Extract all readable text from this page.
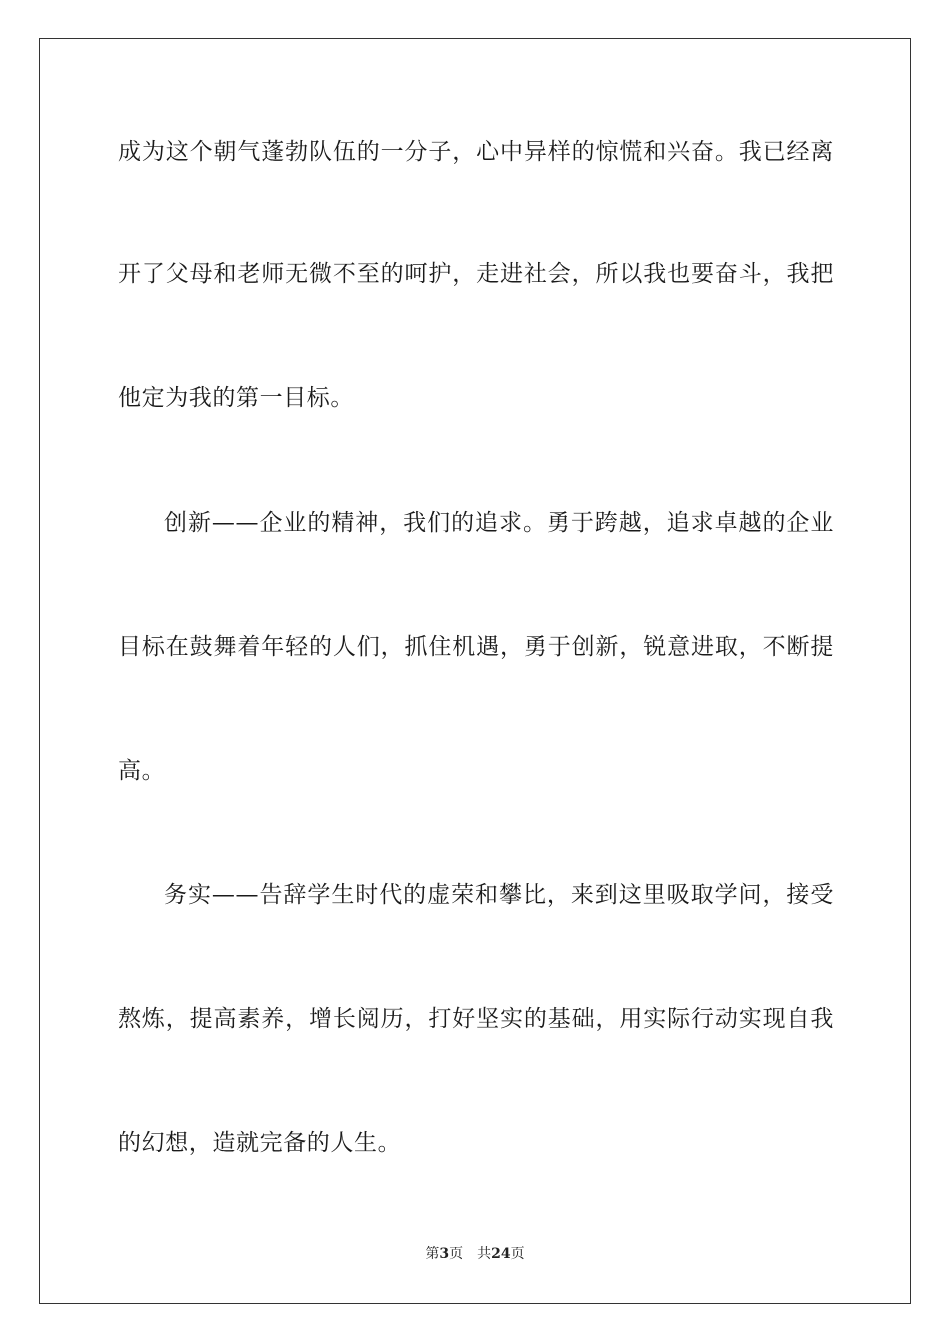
成为这个朝气蓬勃队伍的一分子，心中异样的惊慌和兴奋。我已经离
开了父母和老师无微不至的呵护，走进社会，所以我也要奋斗，我把
他定为我的第一目标。
创新——企业的精神，我们的追求。勇于跨越，追求卓越的企业
目标在鼓舞着年轻的人们，抓住机遇，勇于创新，锐意进取，不断提
高。
务实——告辞学生时代的虚荣和攀比，来到这里吸取学问，接受
熬炼，提高素养，增长阅历，打好坚实的基础，用实际行动实现自我
的幻想，造就完备的人生。
第3页 共24页
